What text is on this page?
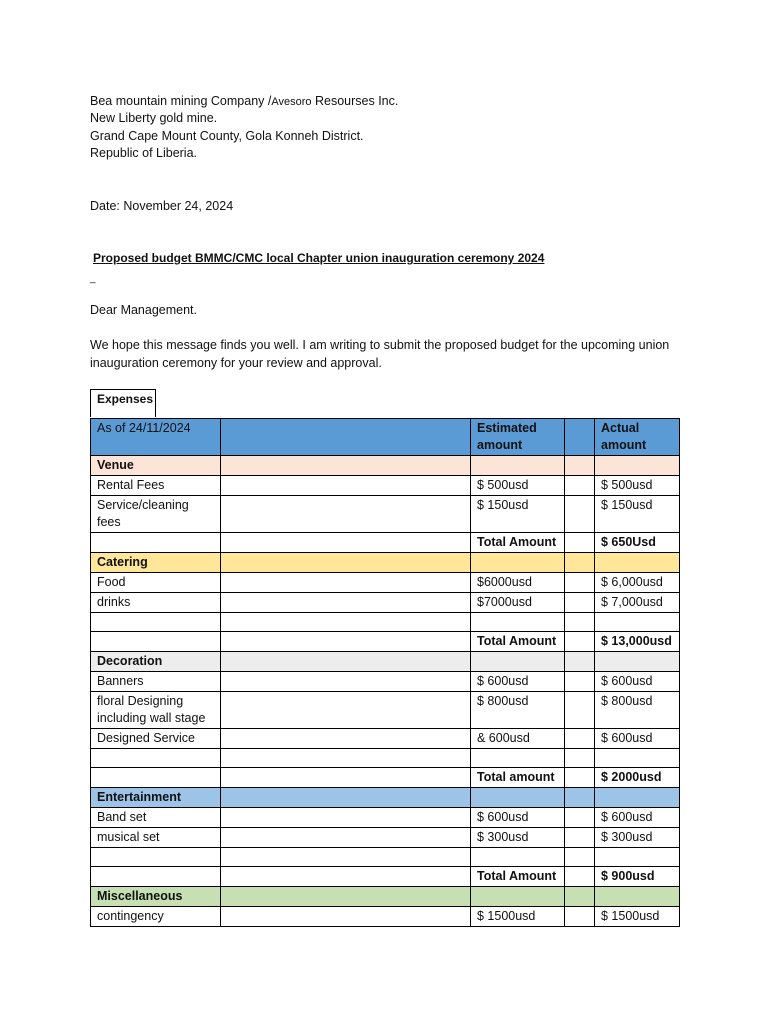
Bea mountain mining Company /Avesoro Resourses Inc.
New Liberty gold mine.
Grand Cape Mount County, Gola Konneh District.
Republic of Liberia.
Date: November 24, 2024
Proposed budget BMMC/CMC local Chapter union inauguration ceremony 2024
_
Dear Management.
We hope this message finds you well. I am writing to submit the proposed budget for the upcoming union inauguration ceremony for your review and approval.
Expenses
As of 24/11/2024		Estimated amount		Actual amount
Venue				
Rental Fees		$ 500usd		$ 500usd
Service/cleaning fees		$ 150usd		$ 150usd
		Total Amount		$ 650Usd
Catering				
Food		$6000usd		$ 6,000usd
drinks		$7000usd		$ 7,000usd

		Total Amount		$ 13,000usd
Decoration				
Banners		$ 600usd		$ 600usd
floral Designing including wall stage		$ 800usd		$ 800usd
Designed Service		& 600usd		$ 600usd

		Total amount		$ 2000usd
Entertainment				
Band set		$ 600usd		$ 600usd
musical set		$ 300usd		$ 300usd

		Total Amount		$ 900usd
Miscellaneous				
contingency		$ 1500usd		$ 1500usd
